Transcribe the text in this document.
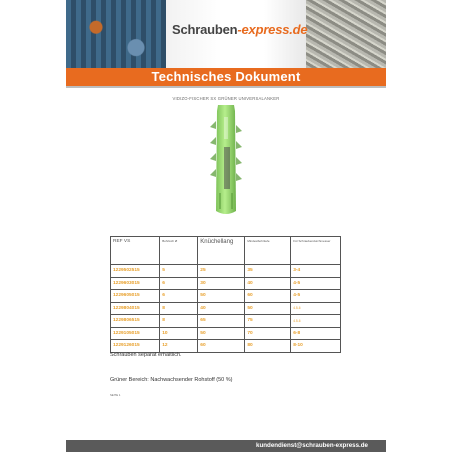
Schrauben-express.de
Technisches Dokument
VIDIZO-FISCHER SX GRÜNER UNIVERSALANKER
REF VS	Bohrloch Ø	Knüchellang	Mindestbohrtiefe	Für Schraubendurchmesser
1229502515	5	25	35	3-4
1229603015	6	30	40	4-5
1229605015	6	50	60	4-5
1229804015	8	40	50	4.5-6
1229806515	8	65	75	4.5-6
1229105015	10	50	70	6-8
1229126015	12	60	80	8-10
Schrauben separat erhältlich.
Grüner Bereich: Nachwachsender Rohstoff (50 %)
SEITE 1
kundendienst@schrauben-express.de
